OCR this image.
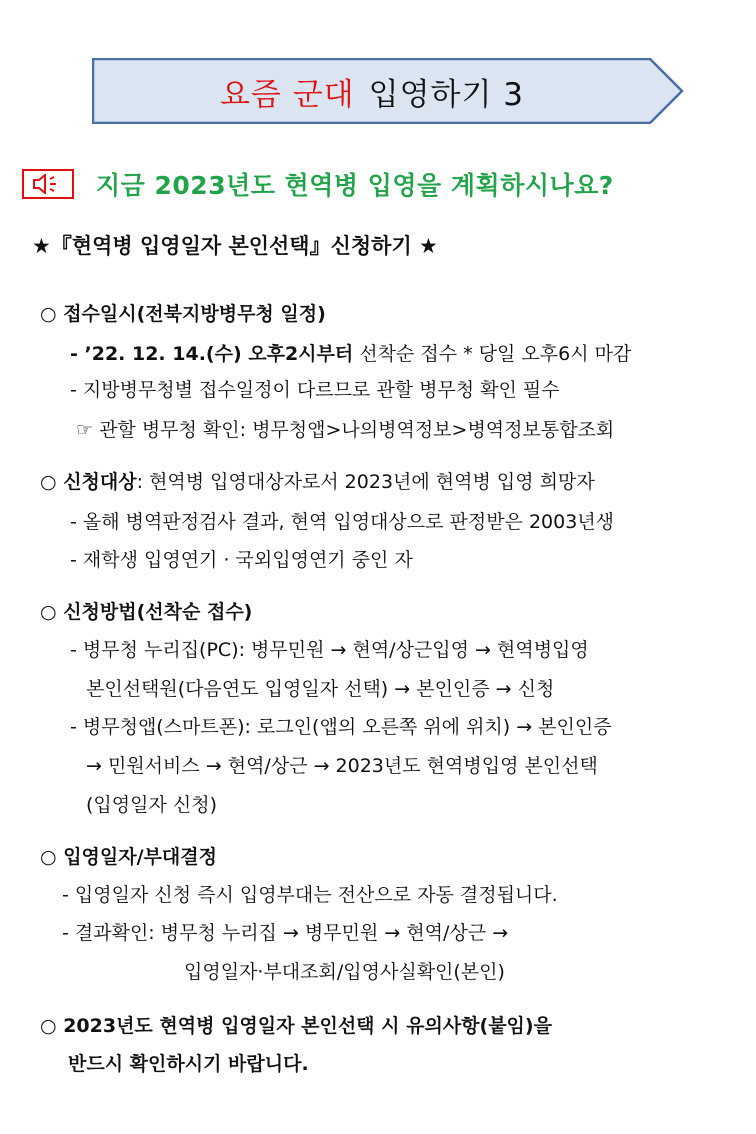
요즘 군대 입영하기 3
지금 2023년도 현역병 입영을 계획하시나요?
★『현역병 입영일자 본인선택』신청하기 ★
○ 접수일시(전북지방병무청 일정)
- ’22. 12. 14.(수) 오후2시부터 선착순 접수 * 당일 오후6시 마감
- 지방병무청별 접수일정이 다르므로 관할 병무청 확인 필수
☞ 관할 병무청 확인: 병무청앱>나의병역정보>병역정보통합조회
○ 신청대상: 현역병 입영대상자로서 2023년에 현역병 입영 희망자
- 올해 병역판정검사 결과, 현역 입영대상으로 판정받은 2003년생
- 재학생 입영연기 · 국외입영연기 중인 자
○ 신청방법(선착순 접수)
- 병무청 누리집(PC): 병무민원 → 현역/상근입영 → 현역병입영
본인선택원(다음연도 입영일자 선택) → 본인인증 → 신청
- 병무청앱(스마트폰): 로그인(앱의 오른쪽 위에 위치) → 본인인증
→ 민원서비스 → 현역/상근 → 2023년도 현역병입영 본인선택
(입영일자 신청)
○ 입영일자/부대결정
- 입영일자 신청 즉시 입영부대는 전산으로 자동 결정됩니다.
- 결과확인: 병무청 누리집 → 병무민원 → 현역/상근 →
입영일자·부대조회/입영사실확인(본인)
○ 2023년도 현역병 입영일자 본인선택 시 유의사항(붙임)을
반드시 확인하시기 바랍니다.
